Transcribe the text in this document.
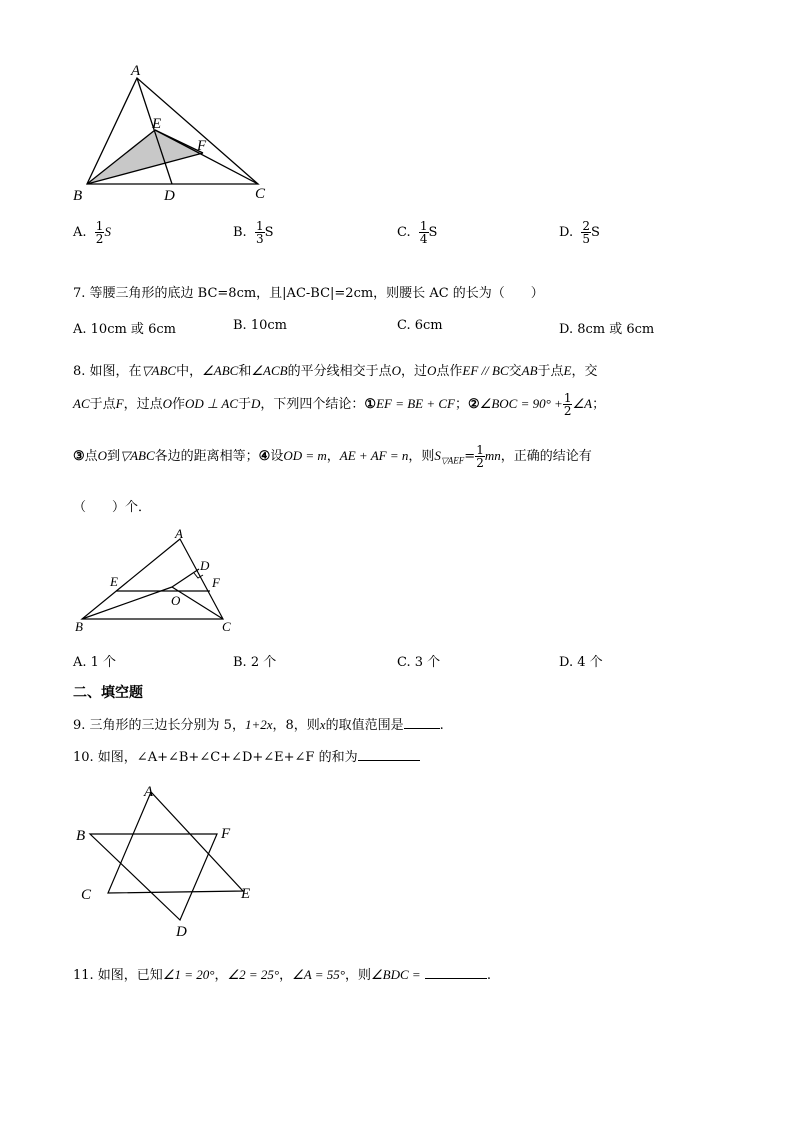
A
B	C
D
E
F
A. $\frac{1}{2}$ S	B. $\frac{1}{3}$ S	C. $\frac{1}{4}$ S	D. $\frac{2}{5}$ S
7. 等腰三角形的底边 BC=8cm，且|AC-BC|=2cm，则腰长 AC 的长为（　　）
A. 10cm 或 6cm	B. 10cm	C. 6cm	D. 8cm 或 6cm
8. 如图，在▽ABC中，∠ABC和∠ACB的平分线相交于点O，过O点作EF // BC交AB于点E，交
AC于点F，过点O作OD ⊥ AC于D，下列四个结论：①EF = BE + CF；②∠BOC = $90^\circ + \frac{1}{2}$ ∠A；
③点O到▽ABC各边的距离相等；④设OD = m，AE + AF = n，则$S_{▽AEF}= \frac{1}{2}$ mn，正确的结论有
（　　）个．
A
B	C
D
E	F
O
A. 1 个	B. 2 个	C. 3 个	D. 4 个
二、填空题
9. 三角形的三边长分别为 5，1+2x，8，则x的取值范围是	.
10. 如图，∠A+∠B+∠C+∠D+∠E+∠F 的和为
A
B
C
D
E
F
11. 如图，已知∠1 = 20°，∠2 = 25°，∠A = 55°，则∠BDC =	.
